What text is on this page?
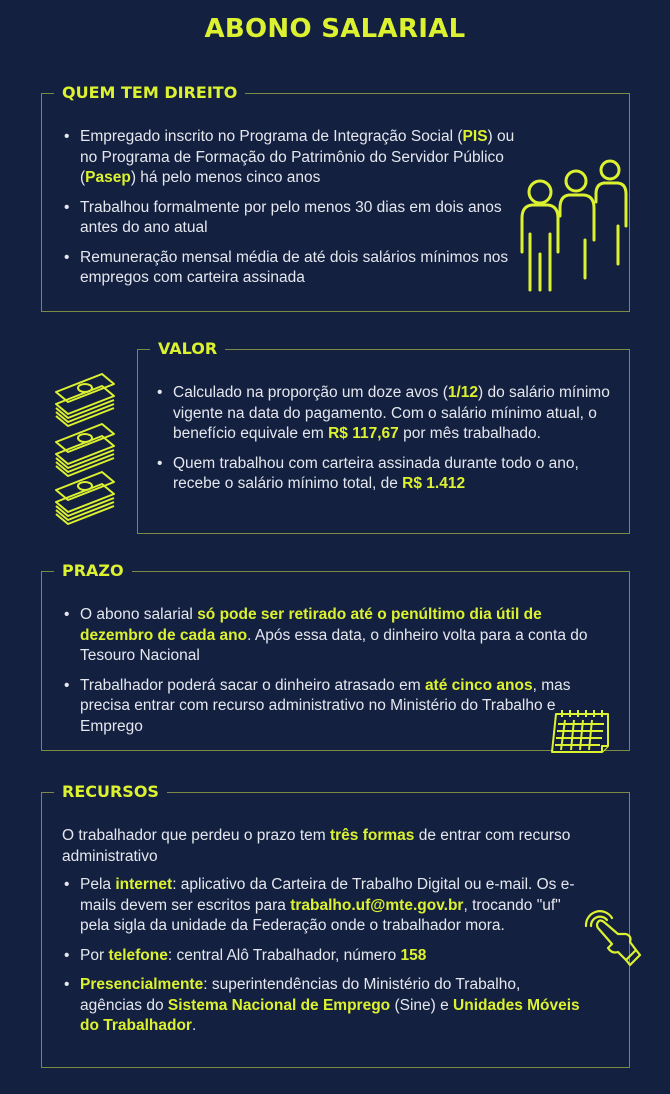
ABONO SALARIAL
QUEM TEM DIREITO
• Empregado inscrito no Programa de Integração Social (PIS) ou no Programa de Formação do Patrimônio do Servidor Público (Pasep) há pelo menos cinco anos
• Trabalhou formalmente por pelo menos 30 dias em dois anos antes do ano atual
• Remuneração mensal média de até dois salários mínimos nos empregos com carteira assinada
VALOR
• Calculado na proporção um doze avos (1/12) do salário mínimo vigente na data do pagamento. Com o salário mínimo atual, o benefício equivale em R$ 117,67 por mês trabalhado.
• Quem trabalhou com carteira assinada durante todo o ano, recebe o salário mínimo total, de R$ 1.412
PRAZO
• O abono salarial só pode ser retirado até o penúltimo dia útil de dezembro de cada ano. Após essa data, o dinheiro volta para a conta do Tesouro Nacional
• Trabalhador poderá sacar o dinheiro atrasado em até cinco anos, mas precisa entrar com recurso administrativo no Ministério do Trabalho e Emprego
RECURSOS
O trabalhador que perdeu o prazo tem três formas de entrar com recurso administrativo
• Pela internet: aplicativo da Carteira de Trabalho Digital ou e-mail. Os e-mails devem ser escritos para trabalho.uf@mte.gov.br, trocando "uf" pela sigla da unidade da Federação onde o trabalhador mora.
• Por telefone: central Alô Trabalhador, número 158
• Presencialmente: superintendências do Ministério do Trabalho, agências do Sistema Nacional de Emprego (Sine) e Unidades Móveis do Trabalhador.
